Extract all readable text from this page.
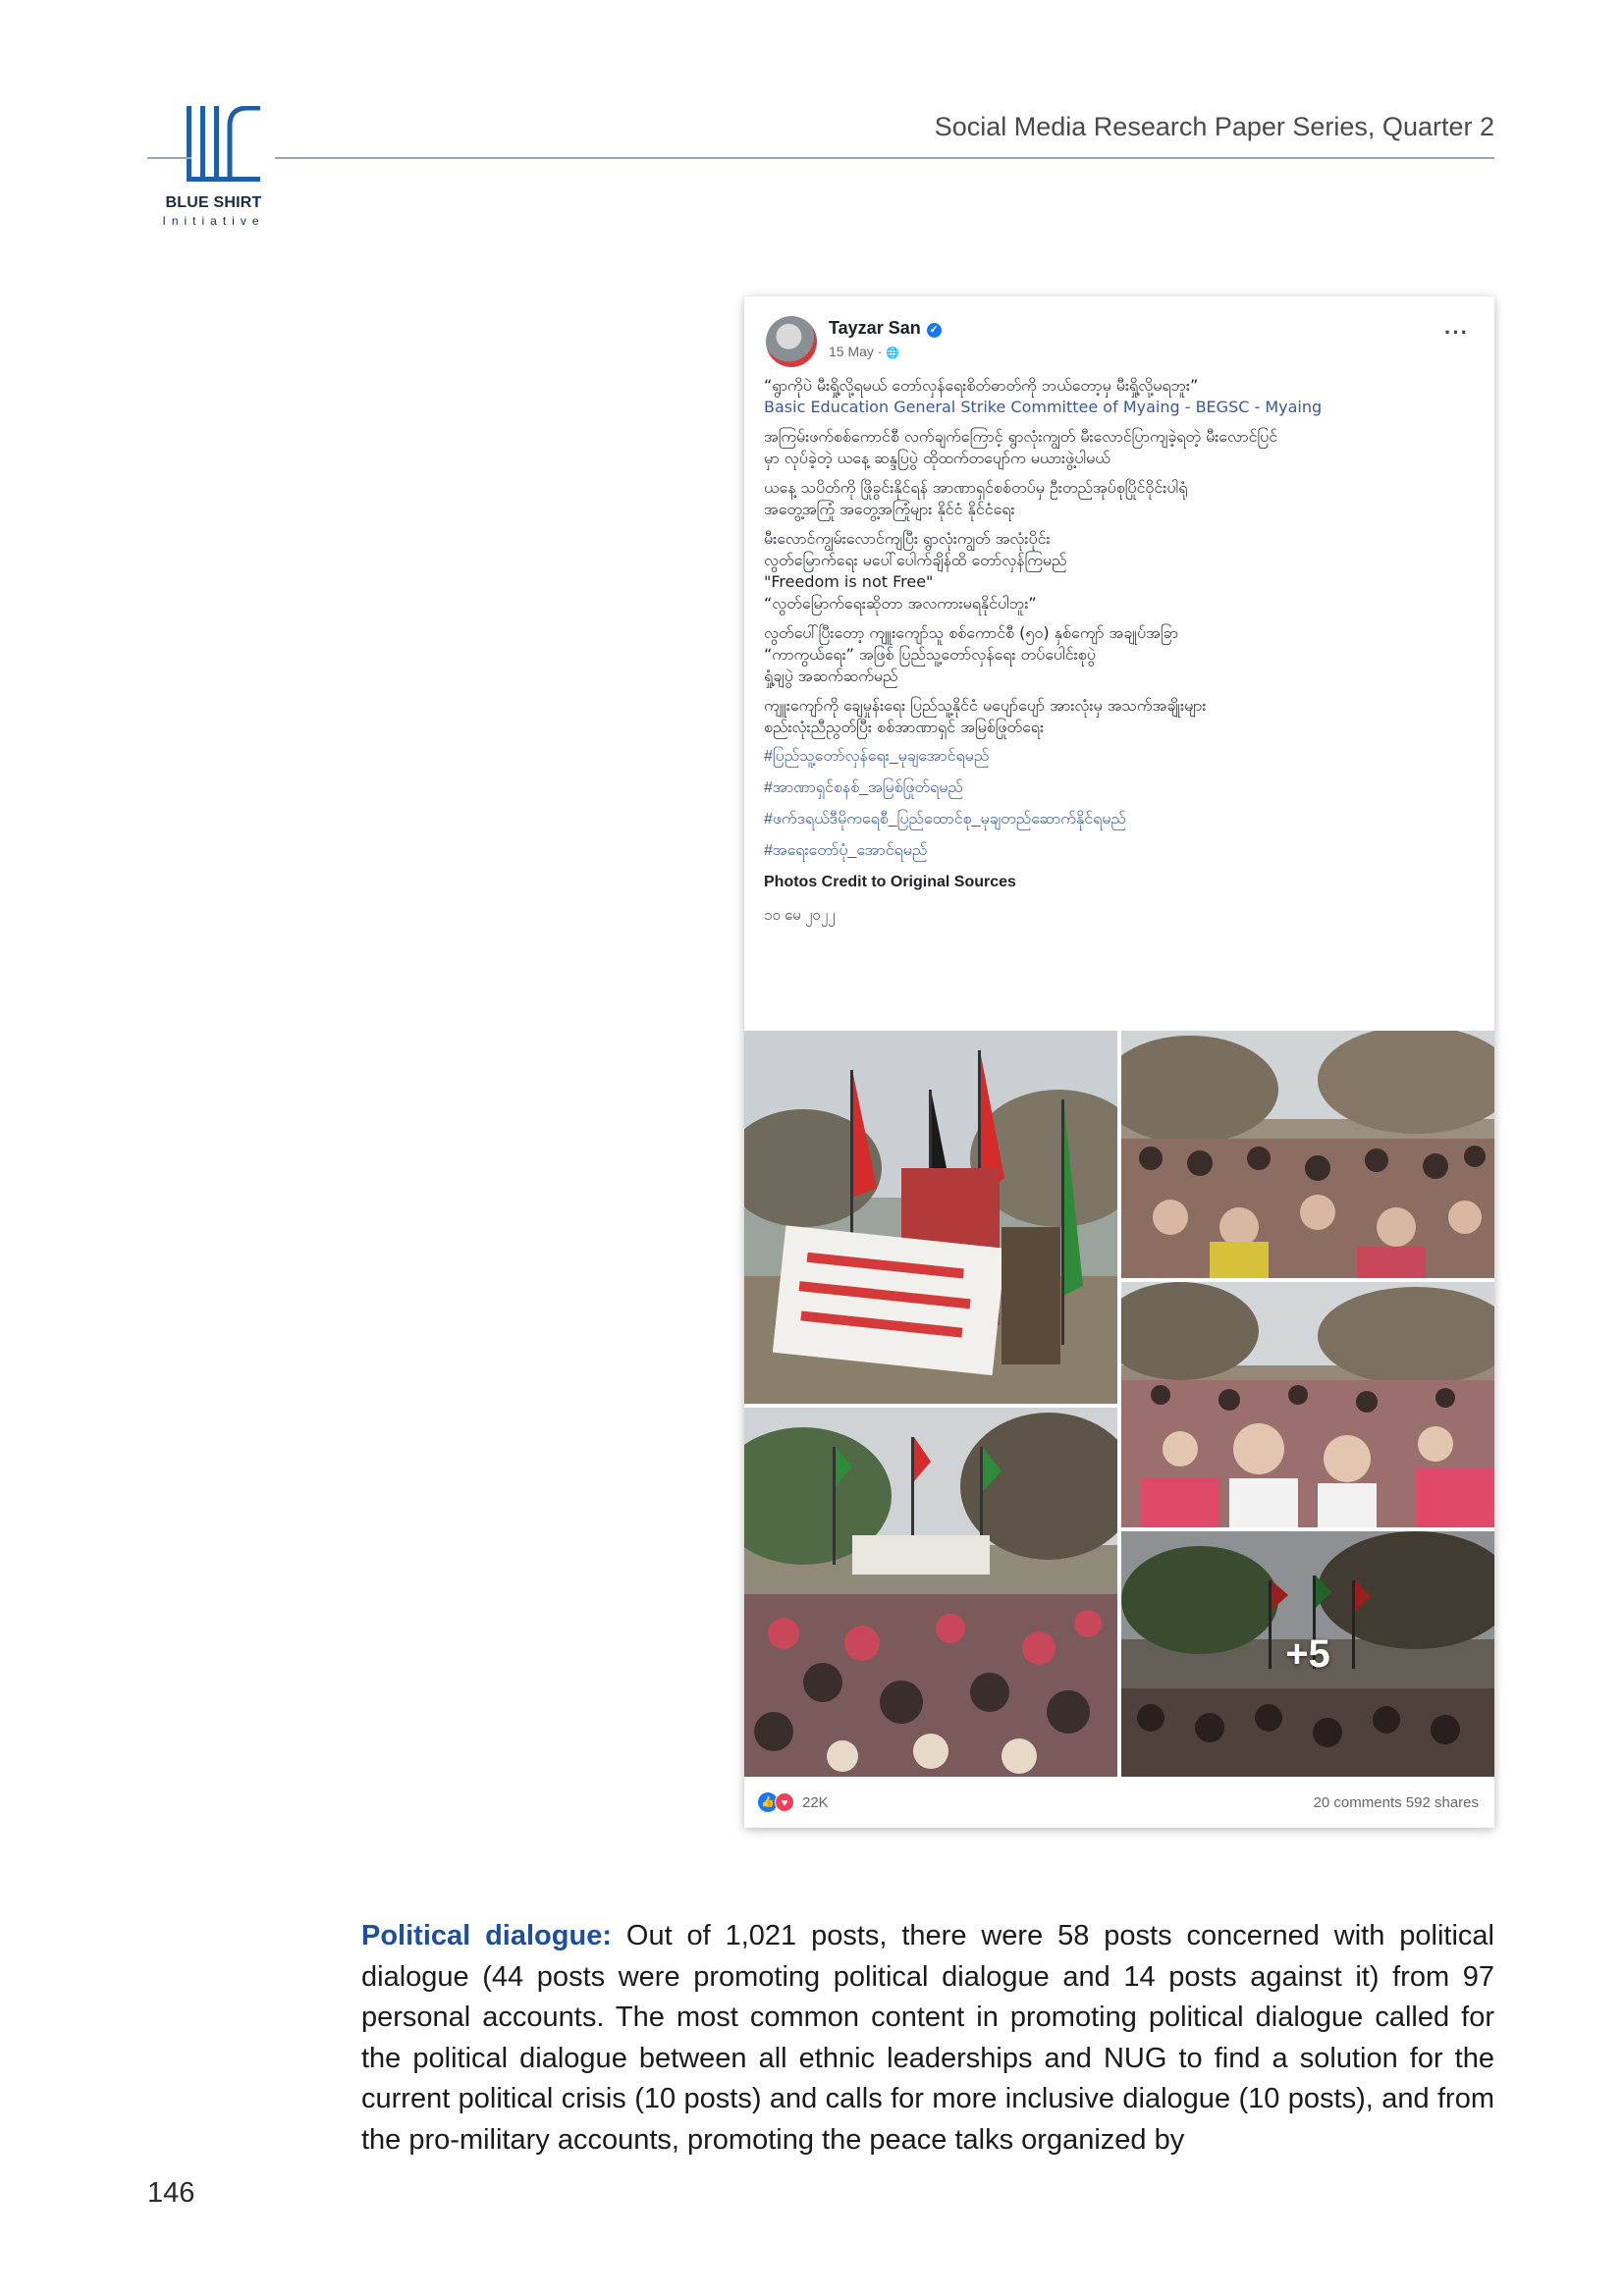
BLUE SHIRT
Initiative
Social Media Research Paper Series, Quarter 2
Tayzar San ✓
15 May · 🌐
···
“ရွာကိုပဲ မီးရှို့လို့ရမယ် တော်လှန်ရေးစိတ်ဓာတ်ကို ဘယ်တော့မှ မီးရှို့လို့မရဘူး”
Basic Education General Strike Committee of Myaing - BEGSC - Myaing
အကြမ်းဖက်စစ်ကောင်စီ လက်ချက်ကြောင့် ရွာလုံးကျွတ် မီးလောင်ပြာကျခဲ့ရတဲ့ မီးလောင်ပြင်
မှာ လုပ်ခဲ့တဲ့ ယနေ့ ဆန္ဒပြပွဲ ထိုထက်တပျော်က မယားဖွဲ့ပါမယ်
ယနေ့ သပိတ်ကို ဖြိုခွင်းနိုင်ရန် အာဏာရှင်စစ်တပ်မှ ဦးတည်အုပ်စုပြိုင်ဝိုင်းပါရုံ
အတွေ့အကြုံ အတွေ့အကြုံများ နိုင်ငံ နိုင်ငံရေး
မီးလောင်ကျွမ်းလောင်ကျပြီး ရွာလုံးကျွတ် အလုံးပိုင်း
လွတ်မြောက်ရေး မပေါ်ပေါက်ချိန်ထိ တော်လှန်ကြမည်
"Freedom is not Free"
“လွတ်မြောက်ရေးဆိုတာ အလကားမရနိုင်ပါဘူး”
လွတ်ပေါ်ပြီးတော့ ကျူးကျော်သူ စစ်ကောင်စီ (၅၀) နှစ်ကျော် အချုပ်အခြာ
“ကာကွယ်ရေး” အဖြစ် ပြည်သူ့တော်လှန်ရေး တပ်ပေါင်းစုပွဲ
ရှုံ့ချပွဲ အဆက်ဆက်မည်
ကျူးကျော်ကို ချေမှုန်းရေး ပြည်သူ့နိုင်ငံ မပျော်ပျော် အားလုံးမှ အသက်အချိုးများ
စည်းလုံးညီညွတ်ပြီး စစ်အာဏာရှင် အမြစ်ဖြုတ်ရေး
#ပြည်သူ့တော်လှန်ရေး_မုချအောင်ရမည်
#အာဏာရှင်စနစ်_အမြစ်ဖြုတ်ရမည်
#ဖက်ဒရယ်ဒီမိုကရေစီ_ပြည်ထောင်စု_မုချတည်ဆောက်နိုင်ရမည်
#အရေးတော်ပုံ_အောင်ရမည်
Photos Credit to Original Sources
၁၀ မေ ၂၀၂၂
+5
👍 ♥ 22K	20 comments 592 shares

Political dialogue: Out of 1,021 posts, there were 58 posts concerned with political dialogue (44 posts were promoting political dialogue and 14 posts against it) from 97 personal accounts. The most common content in promoting political dialogue called for the political dialogue between all ethnic leaderships and NUG to find a solution for the current political crisis (10 posts) and calls for more inclusive dialogue (10 posts), and from the pro-military accounts, promoting the peace talks organized by

146
